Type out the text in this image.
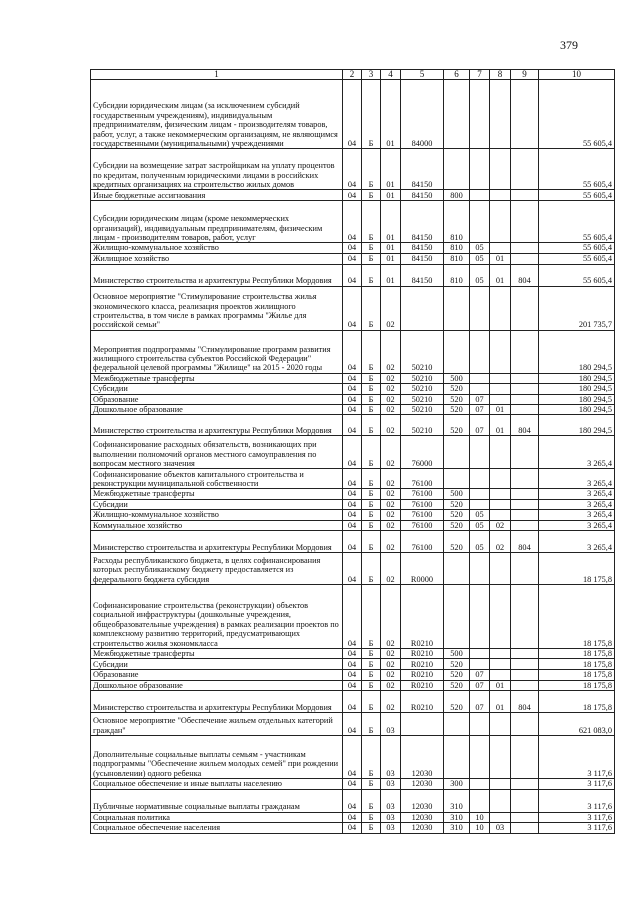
379
1	2	3	4	5	6	7	8	9	10
Субсидии юридическим лицам (за исключением субсидий государственным учреждениям), индивидуальным предпринимателям, физическим лицам - производителям товаров, работ, услуг, а также некоммерческим организациям, не являющимся государственными (муниципальными) учреждениями	04	Б	01	84000					55 605,4
Субсидии на возмещение затрат застройщикам на уплату процентов по кредитам, полученным юридическими лицами в российских кредитных организациях на строительство жилых домов	04	Б	01	84150					55 605,4
Иные бюджетные ассигнования	04	Б	01	84150	800				55 605,4
Субсидии юридическим лицам (кроме некоммерческих организаций), индивидуальным предпринимателям, физическим лицам - производителям товаров, работ, услуг	04	Б	01	84150	810				55 605,4
Жилищно-коммунальное хозяйство	04	Б	01	84150	810	05			55 605,4
Жилищное хозяйство	04	Б	01	84150	810	05	01		55 605,4
Министерство строительства и архитектуры Республики Мордовия	04	Б	01	84150	810	05	01	804	55 605,4
Основное мероприятие "Стимулирование строительства жилья экономического класса, реализация проектов жилищного строительства, в том числе в рамках программы "Жилье для российской семьи"	04	Б	02						201 735,7
Мероприятия подпрограммы "Стимулирование программ развития жилищного строительства субъектов Российской Федерации" федеральной целевой программы "Жилище" на 2015 - 2020 годы	04	Б	02	50210					180 294,5
Межбюджетные трансферты	04	Б	02	50210	500				180 294,5
Субсидии	04	Б	02	50210	520				180 294,5
Образование	04	Б	02	50210	520	07			180 294,5
Дошкольное образование	04	Б	02	50210	520	07	01		180 294,5
Министерство строительства и архитектуры Республики Мордовия	04	Б	02	50210	520	07	01	804	180 294,5
Софинансирование расходных обязательств, возникающих при выполнении полномочий органов местного самоуправления по вопросам местного значения	04	Б	02	76000					3 265,4
Софинансирование объектов капитального строительства и реконструкции муниципальной собственности	04	Б	02	76100					3 265,4
Межбюджетные трансферты	04	Б	02	76100	500				3 265,4
Субсидии	04	Б	02	76100	520				3 265,4
Жилищно-коммунальное хозяйство	04	Б	02	76100	520	05			3 265,4
Коммунальное хозяйство	04	Б	02	76100	520	05	02		3 265,4
Министерство строительства и архитектуры Республики Мордовия	04	Б	02	76100	520	05	02	804	3 265,4
Расходы республиканского бюджета, в целях софинансирования которых республиканскому бюджету предоставляется из федерального бюджета субсидия	04	Б	02	R0000					18 175,8
Софинансирование строительства (реконструкции) объектов социальной инфраструктуры (дошкольные учреждения, общеобразовательные учреждения) в рамках реализации проектов по комплексному развитию территорий, предусматривающих строительство жилья экономкласса	04	Б	02	R0210					18 175,8
Межбюджетные трансферты	04	Б	02	R0210	500				18 175,8
Субсидии	04	Б	02	R0210	520				18 175,8
Образование	04	Б	02	R0210	520	07			18 175,8
Дошкольное образование	04	Б	02	R0210	520	07	01		18 175,8
Министерство строительства и архитектуры Республики Мордовия	04	Б	02	R0210	520	07	01	804	18 175,8
Основное мероприятие "Обеспечение жильем отдельных категорий граждан"	04	Б	03						621 083,0
Дополнительные социальные выплаты семьям - участникам подпрограммы "Обеспечение жильем молодых семей" при рождении (усыновлении) одного ребенка	04	Б	03	12030					3 117,6
Социальное обеспечение и иные выплаты населению	04	Б	03	12030	300				3 117,6
Публичные нормативные социальные выплаты гражданам	04	Б	03	12030	310				3 117,6
Социальная политика	04	Б	03	12030	310	10			3 117,6
Социальное обеспечение населения	04	Б	03	12030	310	10	03		3 117,6
